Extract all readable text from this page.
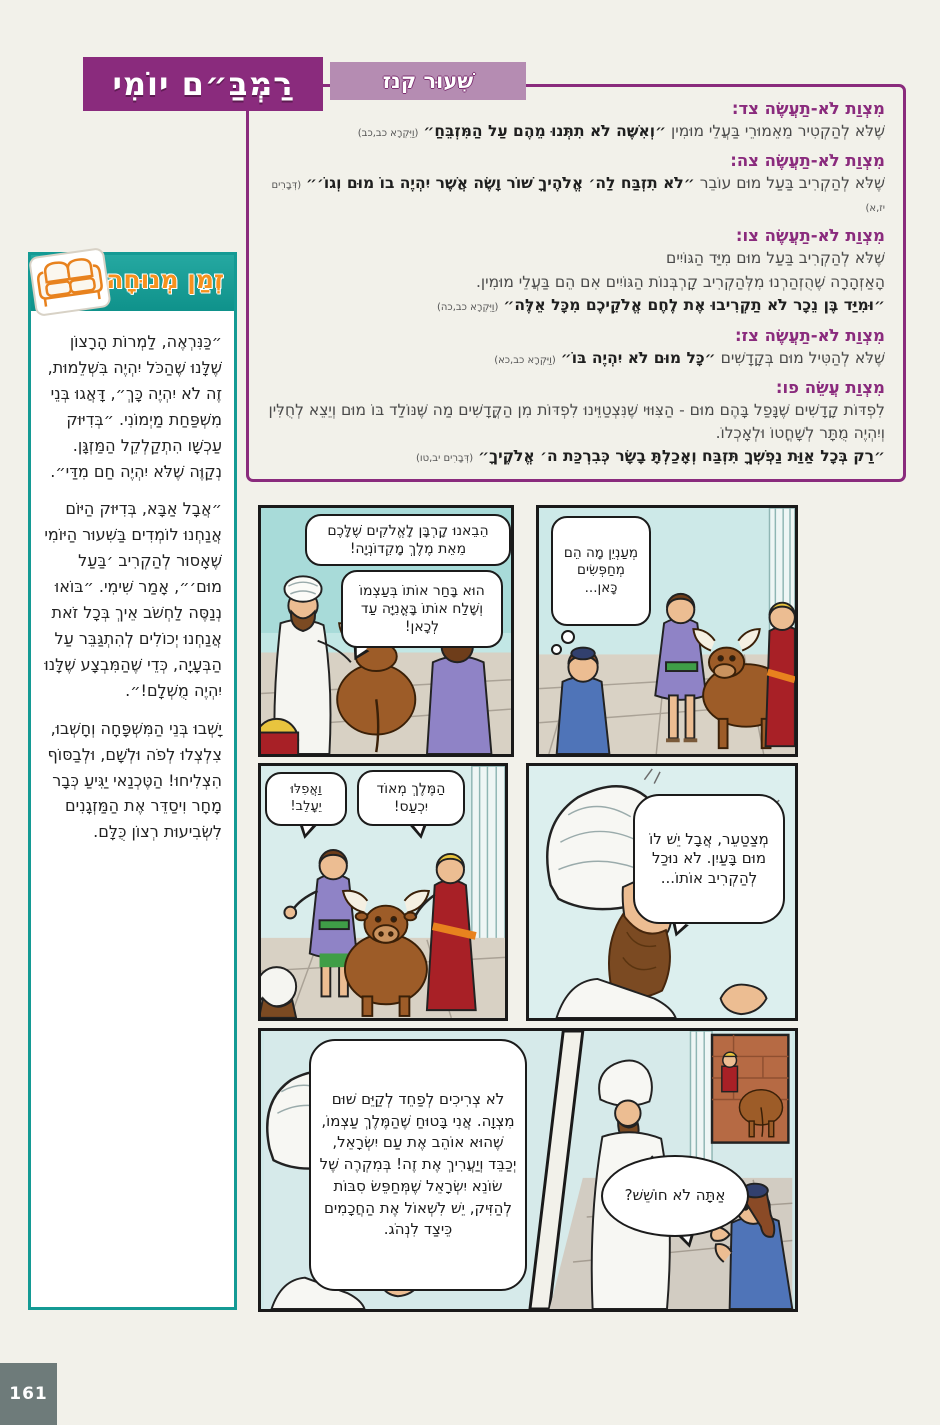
רַמְבַּ״ם יוֹמִי	שִׁעוּר קנז
מִצְוַת לֹא-תַעֲשֶׂה צד:

שֶׁלֹּא לְהַקְטִיר מֵאֵמוּרֵי בַּעֲלֵי מוּמִין ״וְאִשֶּׁה לֹא תִתְּנוּ מֵהֶם עַל הַמִּזְבֵּחַ״ (וַיִּקְרָא כב,כב)

מִצְוַת לֹא-תַעֲשֶׂה צה:

שֶׁלֹּא לְהַקְרִיב בַּעַל מוּם עוֹבֵר ״לֹא תִזְבַּח לַה׳ אֱלֹהֶיךָ שׁוֹר וָשֶׂה אֲשֶׁר יִהְיֶה בוֹ מוּם וְגוֹ׳״ (דְּבָרִים יז,א)

מִצְוַת לֹא-תַעֲשֶׂה צו:

שֶׁלֹּא לְהַקְרִיב בַּעַל מוּם מִיַּד הַגּוֹיִים

הָאַזְהָרָה שֶׁהֻזְהַרְנוּ מִלְּהַקְרִיב קָרְבְּנוֹת הַגּוֹיִים אִם הֵם בַּעֲלֵי מוּמִין.

״וּמִיַּד בֶּן נֵכָר לֹא תַקְרִיבוּ אֶת לֶחֶם אֱלֹקֵיכֶם מִכָּל אֵלֶּה״ (וַיִּקְרָא כב,כה)

מִצְוַת לֹא-תַעֲשֶׂה צז:

שֶׁלֹּא לְהַטִּיל מוּם בְּקָדָשִׁים ״כָּל מוּם לֹא יִהְיֶה בּוֹ״ (וַיִּקְרָא כב,כא)

מִצְוַת עֲשֵׂה פו:

לִפְדּוֹת קָדָשִׁים שֶׁנָּפַל בָּהֶם מוּם - הַצִּוּוּי שֶׁנִּצְטַוֵּינוּ לִפְדּוֹת מִן הַקֳּדָשִׁים מַה שֶּׁנּוֹלַד בּוֹ מוּם וְיֵצֵא לְחֻלִּין וְיִהְיֶה מֻתָּר לְשָׁחֳטוֹ וּלְאָכְלוֹ.

״רַק בְּכָל אַוַּת נַפְשְׁךָ תִּזְבַּח וְאָכַלְתָּ בָשָׂר כְּבִרְכַּת ה׳ אֱלֹקֶיךָ״ (דְּבָרִים יב,טו)

זְמַן מְנוּחָה

״כַּנִּרְאֶה, לַמְרוֹת הָרָצוֹן שֶׁלָּנוּ שֶׁהַכֹּל יִהְיֶה בִּשְׁלֵמוּת, זֶה לֹא יִהְיֶה כָּךְ״, דָּאֲגוּ בְּנֵי מִשְׁפַּחַת מַיְמוֹנִי. ״בְּדִיּוּק עַכְשָׁו הִתְקַלְקֵל הַמַּזְגָּן. נְקַוֶּה שֶׁלֹּא יִהְיֶה חַם מִדַּי״.

״אֲבָל אַבָּא, בְּדִיּוּק הַיּוֹם אֲנַחְנוּ לוֹמְדִים בַּשִּׁעוּר הַיּוֹמִי שֶׁאָסוּר לְהַקְרִיב ׳בַּעַל מוּם׳״, אָמַר שִׁימִי. ״בּוֹאוּ נְנַסֶּה לַחְשֹׁב אֵיךְ בְּכָל זֹאת אֲנַחְנוּ יְכוֹלִים לְהִתְגַּבֵּר עַל הַבְּעָיָה, כְּדֵי שֶׁהַמִּבְצָע שֶׁלָּנוּ יִהְיֶה מֻשְׁלָם!״.

יָשְׁבוּ בְּנֵי הַמִּשְׁפָּחָה וְחָשְׁבוּ, צִלְצְלוּ לְפֹה וּלְשָׁם, וּלְבַסּוֹף הִצְלִיחוּ! הַטֶּכְנַאי יַגִּיעַ כְּבָר מָחָר וִיסַדֵּר אֶת הַמַּזְגָנִים לִשְׂבִיעוּת רְצוֹן כֻּלָּם.

מְעַנְיֵן מָה הֵם מְחַפְּשִׂים כָּאן...
הֵבֵאנוּ קָרְבָּן לָאֱלֹקִים שֶׁלָּכֶם מֵאֵת מֶלֶךְ מָקֵדוֹנְיָה!
הוּא בָּחַר אוֹתוֹ בְּעַצְמוֹ וְשָׁלַח אוֹתוֹ בָּאֳנִיָּה עַד לְכָאן!
מְצַטַעֵר, אֲבָל יֵשׁ לוֹ מוּם בָּעַיִן. לֹא נוּכַל לְהַקְרִיב אוֹתוֹ...
הַמֶּלֶךְ מְאוֹד יִכְעַס!
וַאֲפִלּוּ יֵעָלֵב!
לֹא צְרִיכִים לְפַחֵד לְקַיֵּם שׁוּם מִצְוָה. אֲנִי בָּטוּחַ שֶׁהַמֶּלֶךְ עַצְמוֹ, שֶׁהוּא אוֹהֵב אֶת עַם יִשְׂרָאֵל, יְכַבֵּד וְיַעֲרִיךְ אֶת זֶה! בְּמִקְרֶה שֶׁל שׂוֹנֵא יִשְׂרָאֵל שֶׁמְּחַפֵּשׂ סִבּוֹת לְהַזִּיק, יֵשׁ לִשְׁאוֹל אֶת הַחֲכָמִים כֵּיצַד לִנְהֹג.
אַתָּה לֹא חוֹשֵׁשׁ?
161
